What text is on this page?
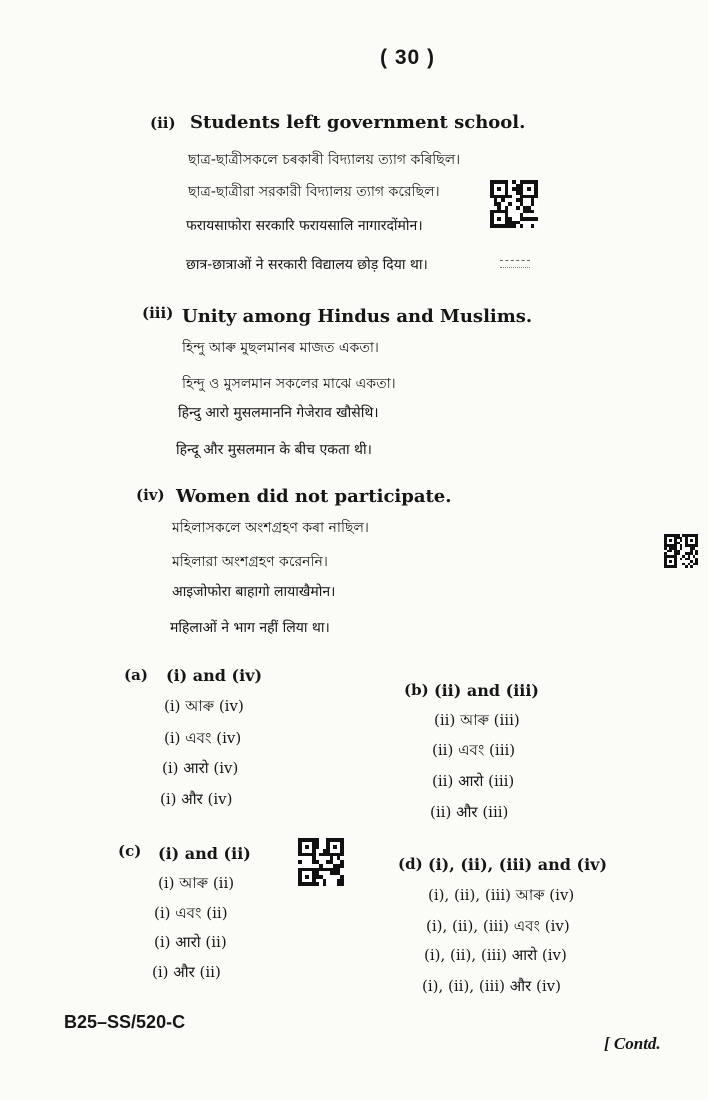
( 30 )
(ii) Students left government school.
ছাত্ৰ-ছাত্ৰীসকলে চৰকাৰী বিদ্যালয় ত্যাগ কৰিছিল।
ছাত্র-ছাত্রীরা সরকারী বিদ্যালয় ত্যাগ করেছিল।
फरायसाफोरा सरकारि फरायसालि नागारदोंमोन।
छात्र-छात्राओं ने सरकारी विद्यालय छोड़ दिया था।
(iii) Unity among Hindus and Muslims.
হিন্দু আৰু মুছলমানৰ মাজত একতা।
হিন্দু ও মুসলমান সকলের মাঝে একতা।
हिन्दु आरो मुसलमाननि गेजेराव खौसेथि।
हिन्दू और मुसलमान के बीच एकता थी।
(iv) Women did not participate.
মহিলাসকলে অংশগ্ৰহণ কৰা নাছিল।
মহিলারা অংশগ্রহণ করেননি।
आइजोफोरा बाहागो लायाखैमोन।
महिलाओं ने भाग नहीं लिया था।
(a) (i) and (iv)
(i) আৰু (iv)
(i) এবং (iv)
(i) आरो (iv)
(i) और (iv)
(b) (ii) and (iii)
(ii) আৰু (iii)
(ii) এবং (iii)
(ii) आरो (iii)
(ii) और (iii)
(c) (i) and (ii)
(i) আৰু (ii)
(i) এবং (ii)
(i) आरो (ii)
(i) और (ii)
(d) (i), (ii), (iii) and (iv)
(i), (ii), (iii) আৰু (iv)
(i), (ii), (iii) এবং (iv)
(i), (ii), (iii) आरो (iv)
(i), (ii), (iii) और (iv)
B25–SS/520-C
[ Contd.
